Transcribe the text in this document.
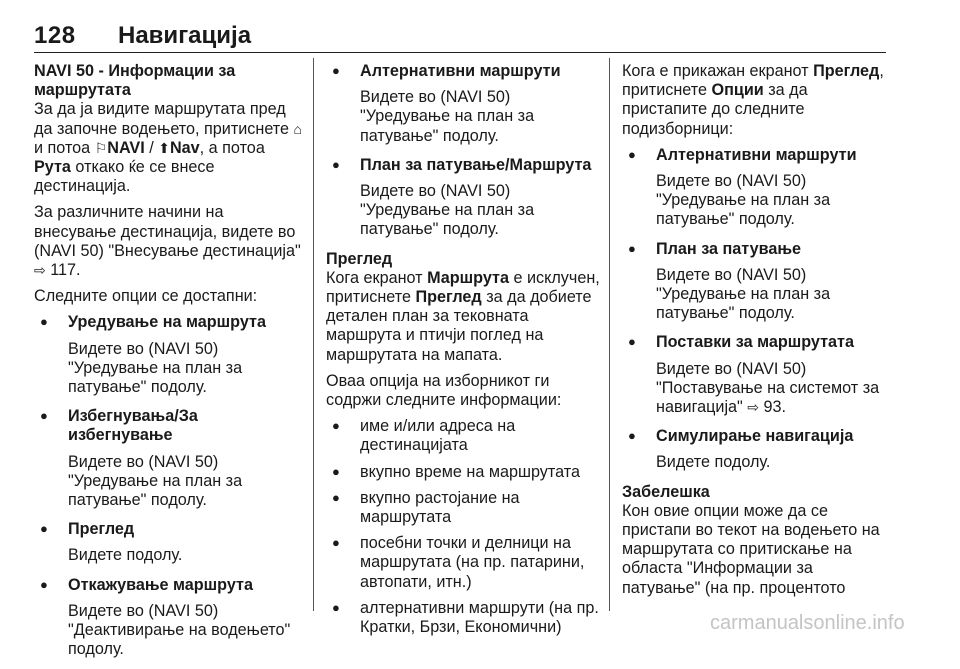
128 Навигација

NAVI 50 - Информации за маршрутата

За да ја видите маршрутата пред да започне водењето, притиснете ⌂ и потоа ⚐NAVI / ⬆Nav, а потоа Рута откако ќе се внесе дестинација.

За различните начини на внесување дестинација, видете во (NAVI 50) "Внесување дестинација" ⇨ 117.

Следните опции се достапни:

● Уредување на маршрута

Видете во (NAVI 50) "Уредување на план за патување" подолу.

● Избегнувања/За избегнување

Видете во (NAVI 50) "Уредување на план за патување" подолу.

● Преглед

Видете подолу.

● Откажување маршрута

Видете во (NAVI 50) "Деактивирање на водењето" подолу.

● Алтернативни маршрути

Видете во (NAVI 50) "Уредување на план за патување" подолу.

● План за патување/Маршрута

Видете во (NAVI 50) "Уредување на план за патување" подолу.

Преглед

Кога екранот Маршрута е исклучен, притиснете Преглед за да добиете детален план за тековната маршрута и птичји поглед на маршрутата на мапата.

Оваа опција на изборникот ги содржи следните информации:

● име и/или адреса на дестинацијата

● вкупно време на маршрутата

● вкупно растојание на маршрутата

● посебни точки и делници на маршрутата (на пр. патарини, автопати, итн.)

● алтернативни маршрути (на пр. Кратки, Брзи, Економични)

Кога е прикажан екранот Преглед, притиснете Опции за да пристапите до следните подизборници:

● Алтернативни маршрути

Видете во (NAVI 50) "Уредување на план за патување" подолу.

● План за патување

Видете во (NAVI 50) "Уредување на план за патување" подолу.

● Поставки за маршрутата

Видете во (NAVI 50) "Поставување на системот за навигација" ⇨ 93.

● Симулирање навигација

Видете подолу.

Забелешка

Кон овие опции може да се пристапи во текот на водењето на маршрутата со притискање на областа "Информации за патување" (на пр. процентото

carmanualsonline.info
